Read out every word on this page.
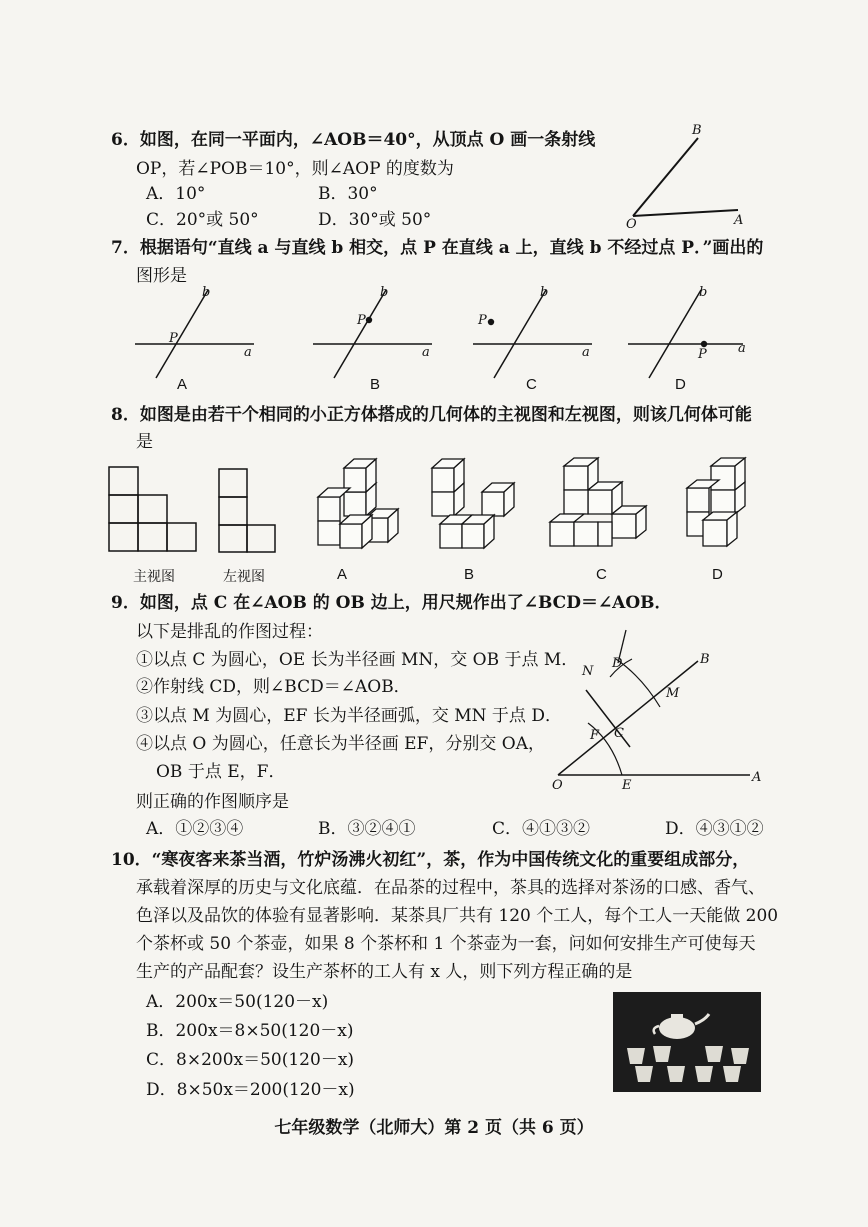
6．如图，在同一平面内，∠AOB＝40°，从顶点 O 画一条射线
OP，若∠POB＝10°，则∠AOP 的度数为
A．10°	B．30°
C．20°或 50°	D．30°或 50°
B
O	A
7．根据语句“直线 a 与直线 b 相交，点 P 在直线 a 上，直线 b 不经过点 P．”画出的
图形是
b
a
P
A
b
a
P
B
b
a
P
C
b
a
P
D
8．如图是由若干个相同的小正方体搭成的几何体的主视图和左视图，则该几何体可能
是
主视图	左视图	A	B	C	D
9．如图，点 C 在∠AOB 的 OB 边上，用尺规作出了∠BCD＝∠AOB．
以下是排乱的作图过程：
①以点 C 为圆心，OE 长为半径画 MN，交 OB 于点 M．
②作射线 CD，则∠BCD＝∠AOB．
③以点 M 为圆心，EF 长为半径画弧，交 MN 于点 D．
④以点 O 为圆心，任意长为半径画 EF，分别交 OA，
OB 于点 E，F．
则正确的作图顺序是
A．①②③④	B．③②④①	C．④①③②	D．④③①②
N
D	B
M
F C
O	E
A
10．“寒夜客来茶当酒，竹炉汤沸火初红”，茶，作为中国传统文化的重要组成部分，
承载着深厚的历史与文化底蕴．在品茶的过程中，茶具的选择对茶汤的口感、香气、
色泽以及品饮的体验有显著影响．某茶具厂共有 120 个工人，每个工人一天能做 200
个茶杯或 50 个茶壶，如果 8 个茶杯和 1 个茶壶为一套，问如何安排生产可使每天
生产的产品配套？设生产茶杯的工人有 x 人，则下列方程正确的是
A．200x＝50(120－x)
B．200x＝8×50(120－x)
C．8×200x＝50(120－x)
D．8×50x＝200(120－x)
七年级数学（北师大）第 2 页（共 6 页）
